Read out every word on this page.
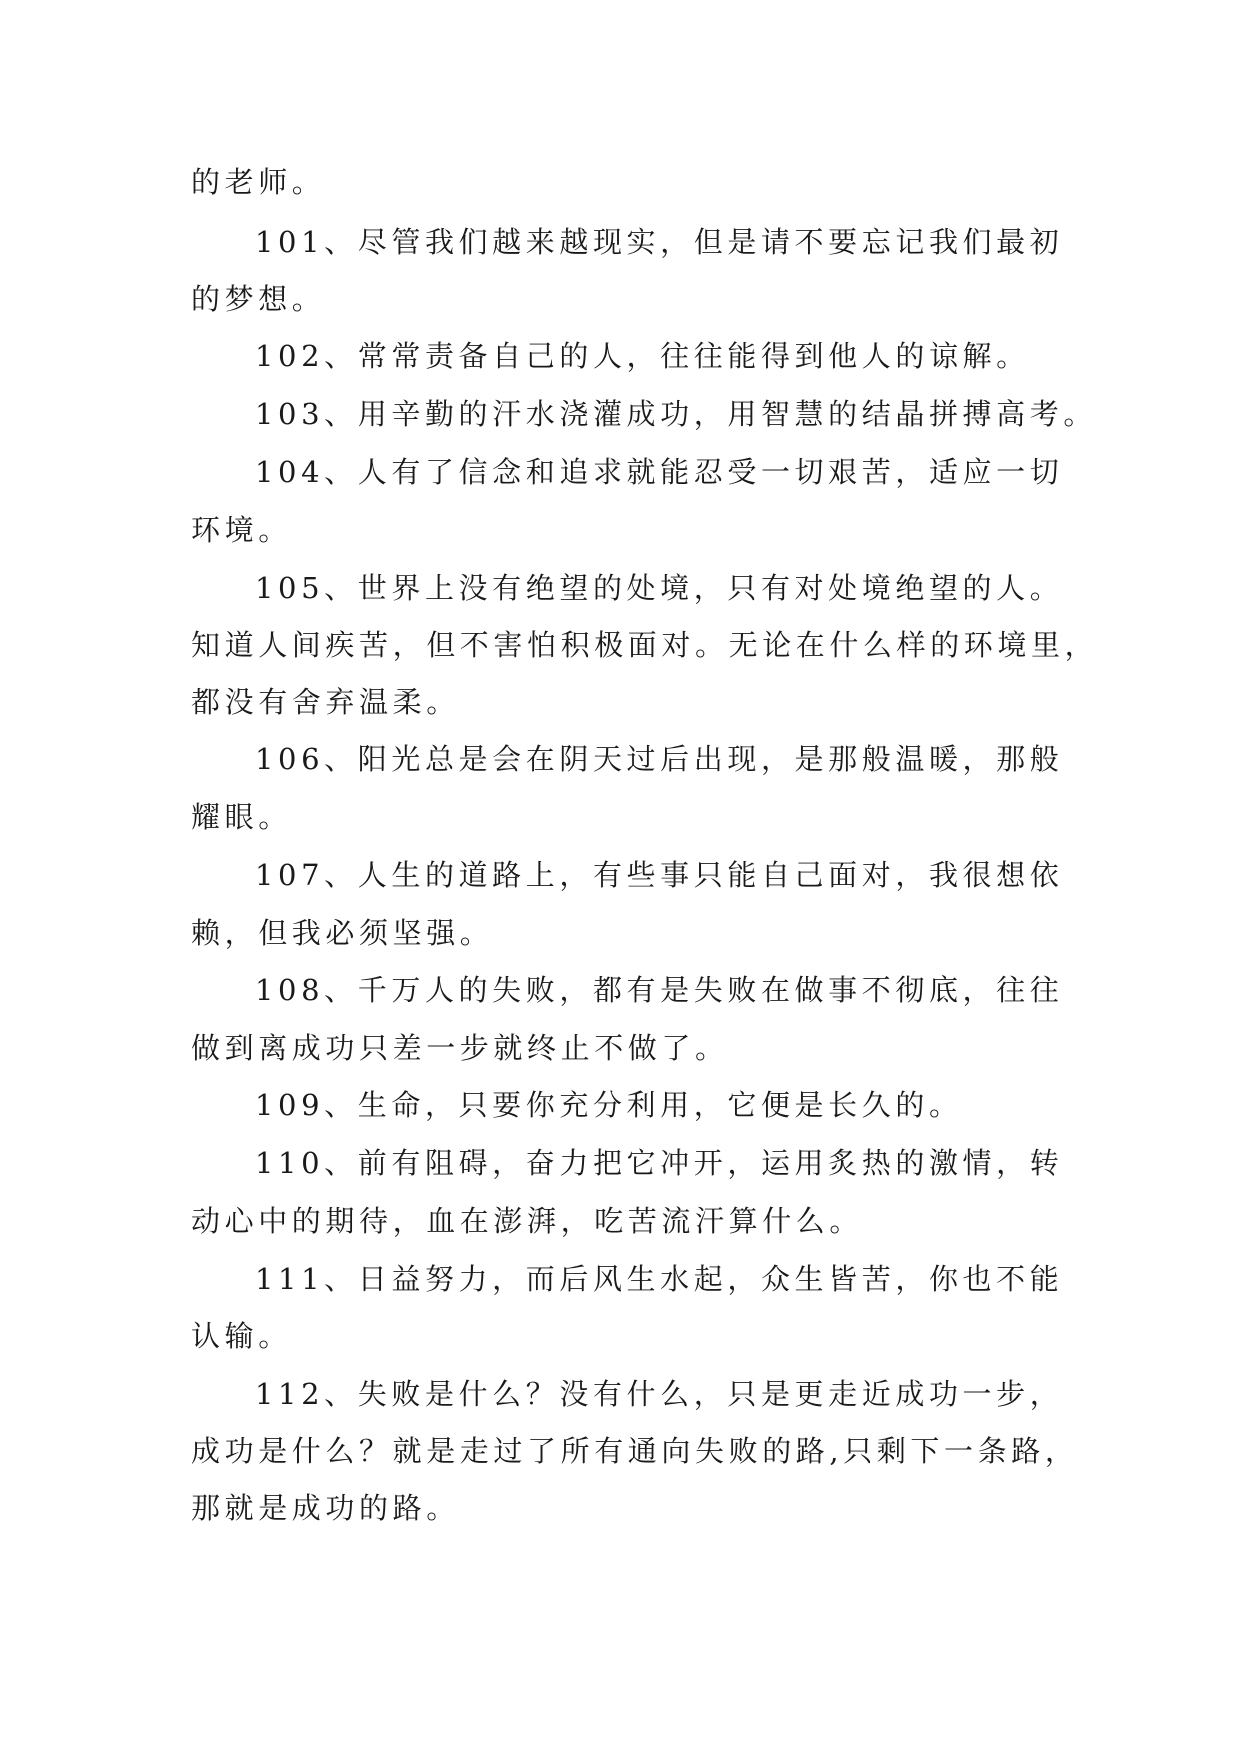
的老师。
101、尽管我们越来越现实，但是请不要忘记我们最初
的梦想。
102、常常责备自己的人，往往能得到他人的谅解。
103、用辛勤的汗水浇灌成功，用智慧的结晶拼搏高考。
104、人有了信念和追求就能忍受一切艰苦，适应一切
环境。
105、世界上没有绝望的处境，只有对处境绝望的人。
知道人间疾苦，但不害怕积极面对。无论在什么样的环境里，
都没有舍弃温柔。
106、阳光总是会在阴天过后出现，是那般温暖，那般
耀眼。
107、人生的道路上，有些事只能自己面对，我很想依
赖，但我必须坚强。
108、千万人的失败，都有是失败在做事不彻底，往往
做到离成功只差一步就终止不做了。
109、生命，只要你充分利用，它便是长久的。
110、前有阻碍，奋力把它冲开，运用炙热的激情，转
动心中的期待，血在澎湃，吃苦流汗算什么。
111、日益努力，而后风生水起，众生皆苦，你也不能
认输。
112、失败是什么？没有什么，只是更走近成功一步，
成功是什么？就是走过了所有通向失败的路,只剩下一条路，
那就是成功的路。
